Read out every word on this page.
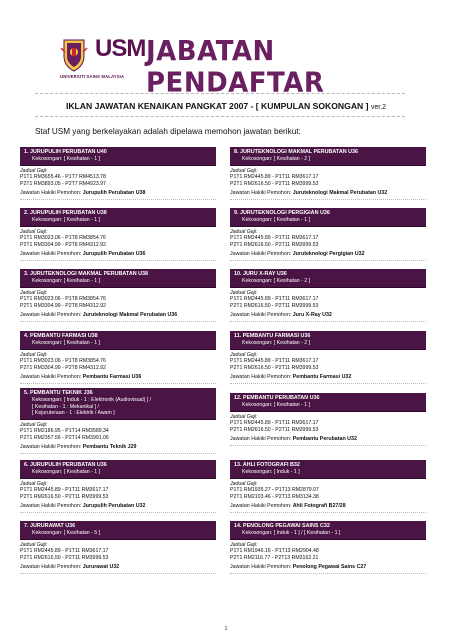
USM
UNIVERSITI SAINS MALAYSIA
JABATAN PENDAFTAR
IKLAN JAWATAN KENAIKAN PANGKAT 2007 - [ KUMPULAN SOKONGAN ] ver.2
Staf USM yang berkelayakan adalah dipelawa memohon jawatan berikut:
1. JURUPULIH PERUBATAN U40
Kekosongan: [ Kesihatan - 1 ]
Jadual Gaji:
P1T1 RM3655.46 - P1T7 RM4513.78
P2T1 RM3893.05 - P2T7 RM4923.97
Jawatan Hakiki Pemohon: Jurupulih Perubatan U38
2. JURUPULIH PERUBATAN U38
Kekosongan: [ Kesihatan - 1 ]
Jadual Gaji:
P1T1 RM3023.06 - P1T8 RM3854.76
P2T1 RM3304.99 - P2T8 RM4312.92
Jawatan Hakiki Pemohon: Jurupulih Perubatan U36
3. JURUTEKNOLOGI MAKMAL PERUBATAN U38
Kekosongan: [ Kesihatan - 1 ]
Jadual Gaji:
P1T1 RM3023.06 - P1T8 RM3854.76
P2T1 RM3304.99 - P2T8 RM4312.92
Jawatan Hakiki Pemohon: Juruteknologi Makmal Perubatan U36
4. PEMBANTU FARMASI U38
Kekosongan: [ Kesihatan - 1 ]
Jadual Gaji:
P1T1 RM3023.06 - P1T8 RM3854.76
P2T1 RM3304.99 - P2T8 RM4312.92
Jawatan Hakiki Pemohon: Pembantu Farmasi U36
5. PEMBANTU TEKNIK J36
Kekosongan: [ Induk - 1 : Elektronik (Audiovisual) ] /
[ Kesihatan - 1 : Mekanikal ] /
[ Kejuruteraan - 1 : Elektrik / Awam ]
Jadual Gaji:
P1T1 RM2186.95 - P1T14 RM3589.34
P2T1 RM2357.56 - P2T14 RM3991.06
Jawatan Hakiki Pemohon: Pembantu Teknik J29
6. JURUPULIH PERUBATAN U36
Kekosongan: [ Kesihatan - 1 ]
Jadual Gaji:
P1T1 RM2445.89 - P1T11 RM3617.17
P2T1 RM2616.50 - P2T11 RM3999.53
Jawatan Hakiki Pemohon: Jurupulih Perubatan U32
7. JURURAWAT U36
Kekosongan: [ Kesihatan - 5 ]
Jadual Gaji:
P1T1 RM2445.89 - P1T11 RM3617.17
P2T1 RM2616.50 - P2T11 RM3999.53
Jawatan Hakiki Pemohon: Jururawat U32
8. JURUTEKNOLOGI MAKMAL PERUBATAN U36
Kekosongan: [ Kesihatan - 2 ]
Jadual Gaji:
P1T1 RM2445.89 - P1T11 RM3617.17
P2T1 RM2616.50 - P2T11 RM3999.53
Jawatan Hakiki Pemohon: Juruteknologi Makmal Perubatan U32
9. JURUTEKNOLOGI PERGIGIAN U36
Kekosongan: [ Kesihatan - 1 ]
Jadual Gaji:
P1T1 RM2445.89 - P1T11 RM3617.17
P2T1 RM2616.50 - P2T11 RM3999.53
Jawatan Hakiki Pemohon: Juruteknologi Pergigian U32
10. JURU X-RAY U36
Kekosongan: [ Kesihatan - 2 ]
Jadual Gaji:
P1T1 RM2445.89 - P1T11 RM3617.17
P2T1 RM2616.50 - P2T11 RM3999.53
Jawatan Hakiki Pemohon: Juru X-Ray U32
11. PEMBANTU FARMASI U36
Kekosongan: [ Kesihatan - 2 ]
Jadual Gaji:
P1T1 RM2445.89 - P1T11 RM3617.17
P2T1 RM2616.50 - P2T11 RM3999.53
Jawatan Hakiki Pemohon: Pembantu Farmasi U32
12. PEMBANTU PERUBATAN U36
Kekosongan: [ Kesihatan - 1 ]
Jadual Gaji:
P1T1 RM2445.89 - P1T11 RM3617.17
P2T1 RM2616.50 - P2T11 RM3999.53
Jawatan Hakiki Pemohon: Pembantu Perubatan U32
13. AHLI FOTOGRAFI B32
Kekosongan: [ Induk - 1 ]
Jadual Gaji:
P1T1 RM1935.27 - P1T13 RM2879.07
P2T1 RM2103.46 - P2T13 RM3134.38
Jawatan Hakiki Pemohon: Ahli Fotografi B27/28
14. PENOLONG PEGAWAI SAINS C32
Kekosongan: [ Induk - 1 ] / [ Kesihatan - 1 ]
Jadual Gaji:
P1T1 RM1946.16 - P1T13 RM2904.48
P2T1 RM2116.77 - P2T13 RM3162.21
Jawatan Hakiki Pemohon: Penolong Pegawai Sains C27
1
